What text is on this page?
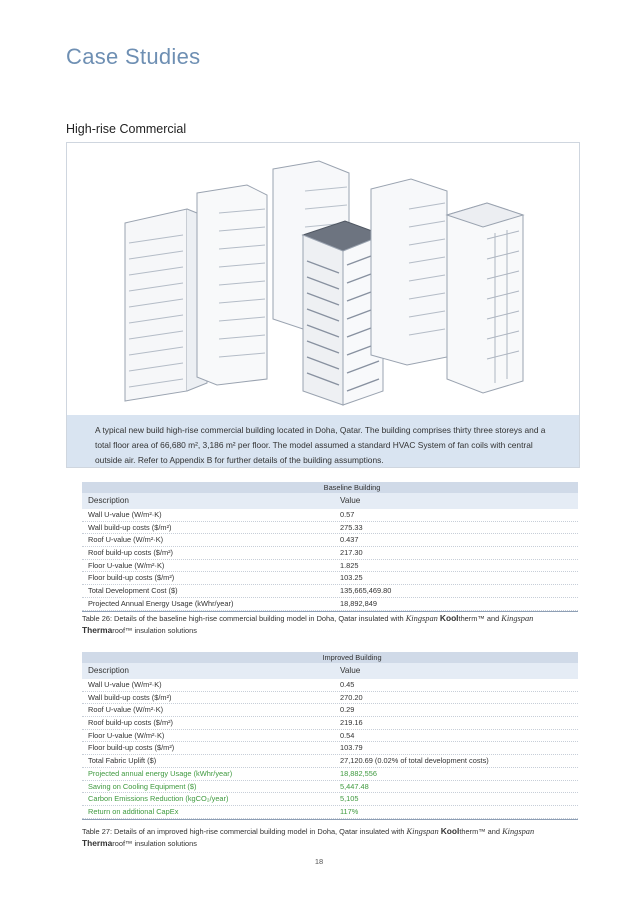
Case Studies
High-rise Commercial
A typical new build high-rise commercial building located in Doha, Qatar. The building comprises thirty three storeys and a total floor area of 66,680 m², 3,186 m² per floor. The model assumed a standard HVAC System of fan coils with central outside air. Refer to Appendix B for further details of the building assumptions.
Baseline Building
Description	Value
Wall U-value (W/m²·K)	0.57
Wall build-up costs ($/m²)	275.33
Roof U-value (W/m²·K)	0.437
Roof build-up costs ($/m²)	217.30
Floor U-value (W/m²·K)	1.825
Floor build-up costs ($/m²)	103.25
Total Development Cost ($)	135,665,469.80
Projected Annual Energy Usage (kWhr/year)	18,892,849
Table 26: Details of the baseline high-rise commercial building model in Doha, Qatar insulated with Kingspan Kooltherm™ and Kingspan
Thermaroof™ insulation solutions
Improved Building
Description	Value
Wall U-value (W/m²·K)	0.45
Wall build-up costs ($/m²)	270.20
Roof U-value (W/m²·K)	0.29
Roof build-up costs ($/m²)	219.16
Floor U-value (W/m²·K)	0.54
Floor build-up costs ($/m²)	103.79
Total Fabric Uplift ($)	27,120.69 (0.02% of total development costs)
Projected annual energy Usage (kWhr/year)	18,882,556
Saving on Cooling Equipment ($)	5,447.48
Carbon Emissions Reduction (kgCO₂/year)	5,105
Return on additional CapEx	117%
Table 27: Details of an improved high-rise commercial building model in Doha, Qatar insulated with Kingspan Kooltherm™ and Kingspan
Thermaroof™ insulation solutions
18
